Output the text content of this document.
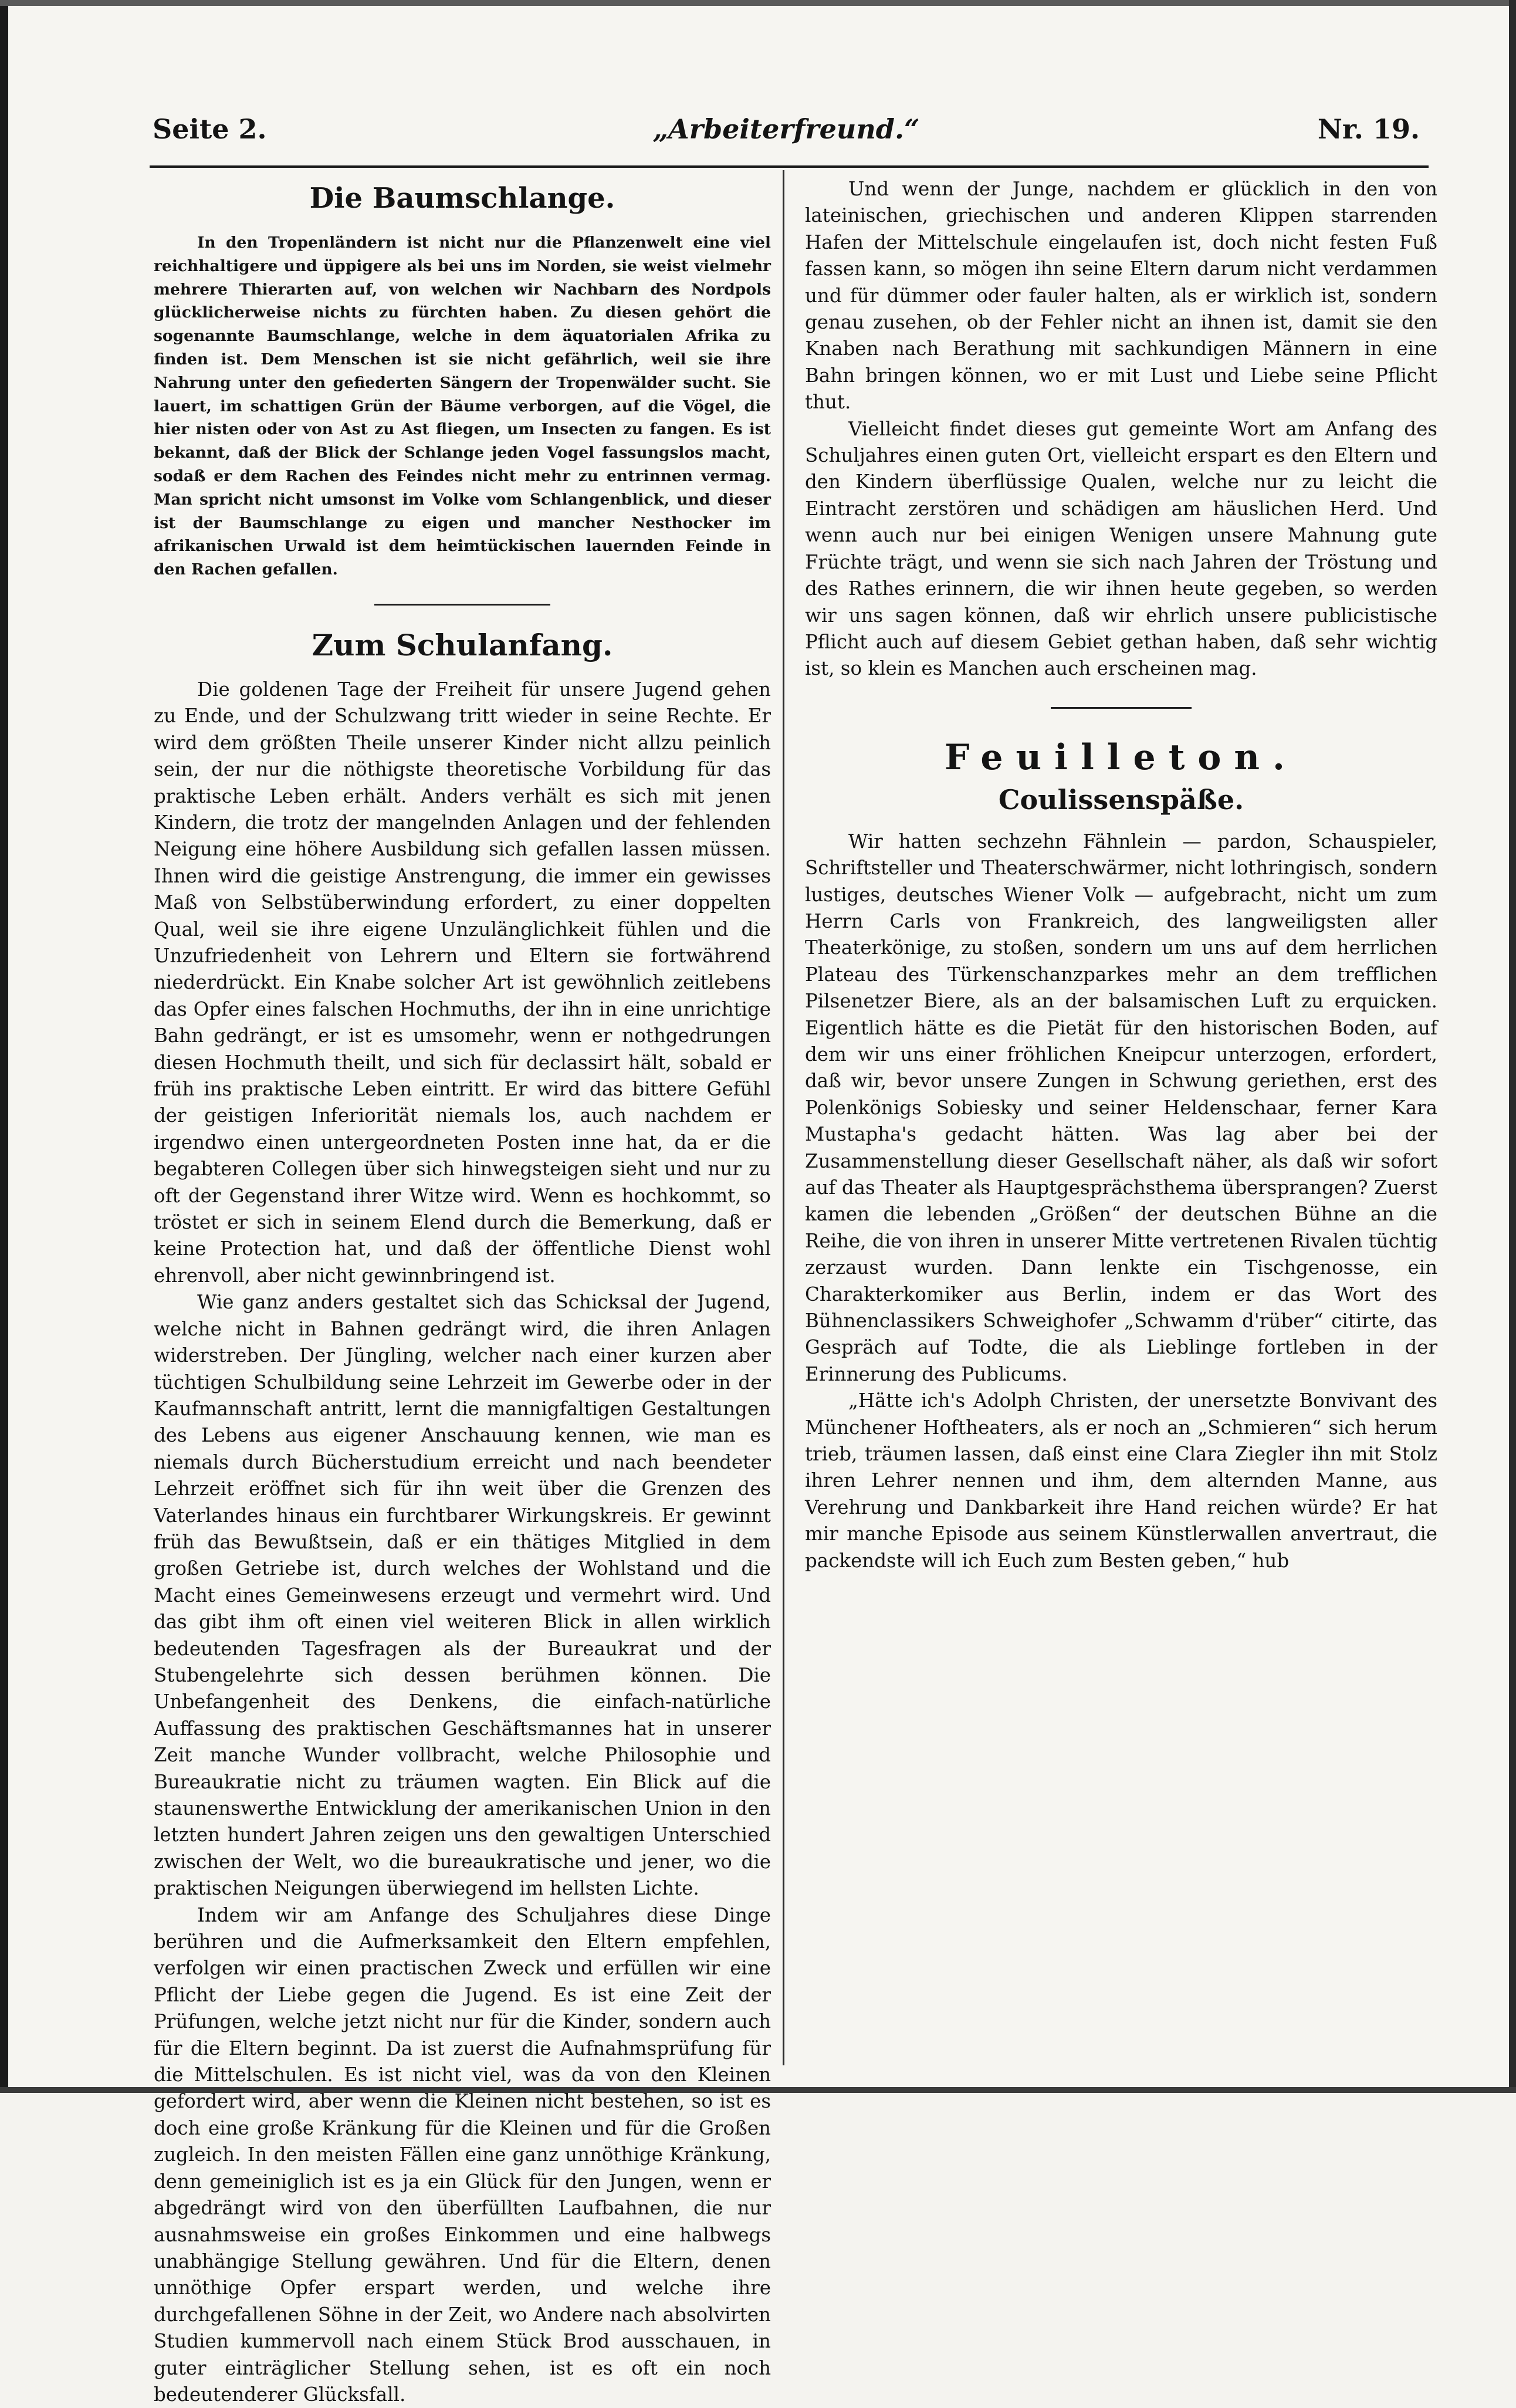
Seite 2.	„Arbeiterfreund.“	Nr. 19.
Die Baumschlange.

In den Tropenländern ist nicht nur die Pflanzenwelt eine viel reichhaltigere und üppigere als bei uns im Norden, sie weist vielmehr mehrere Thierarten auf, von welchen wir Nachbarn des Nordpols glücklicherweise nichts zu fürchten haben. Zu diesen gehört die sogenannte Baumschlange, welche in dem äquatorialen Afrika zu finden ist. Dem Menschen ist sie nicht gefährlich, weil sie ihre Nahrung unter den gefiederten Sängern der Tropenwälder sucht. Sie lauert, im schattigen Grün der Bäume verborgen, auf die Vögel, die hier nisten oder von Ast zu Ast fliegen, um Insecten zu fangen. Es ist bekannt, daß der Blick der Schlange jeden Vogel fassungslos macht, sodaß er dem Rachen des Feindes nicht mehr zu entrinnen vermag. Man spricht nicht umsonst im Volke vom Schlangenblick, und dieser ist der Baumschlange zu eigen und mancher Nesthocker im afrikanischen Urwald ist dem heimtückischen lauernden Feinde in den Rachen gefallen.

Zum Schulanfang.

Die goldenen Tage der Freiheit für unsere Jugend gehen zu Ende, und der Schulzwang tritt wieder in seine Rechte. Er wird dem größten Theile unserer Kinder nicht allzu peinlich sein, der nur die nöthigste theoretische Vorbildung für das praktische Leben erhält. Anders verhält es sich mit jenen Kindern, die trotz der mangelnden Anlagen und der fehlenden Neigung eine höhere Ausbildung sich gefallen lassen müssen. Ihnen wird die geistige Anstrengung, die immer ein gewisses Maß von Selbstüberwindung erfordert, zu einer doppelten Qual, weil sie ihre eigene Unzulänglichkeit fühlen und die Unzufriedenheit von Lehrern und Eltern sie fortwährend niederdrückt. Ein Knabe solcher Art ist gewöhnlich zeitlebens das Opfer eines falschen Hochmuths, der ihn in eine unrichtige Bahn gedrängt, er ist es umsomehr, wenn er nothgedrungen diesen Hochmuth theilt, und sich für declassirt hält, sobald er früh ins praktische Leben eintritt. Er wird das bittere Gefühl der geistigen Inferiorität niemals los, auch nachdem er irgendwo einen untergeordneten Posten inne hat, da er die begabteren Collegen über sich hinwegsteigen sieht und nur zu oft der Gegenstand ihrer Witze wird. Wenn es hochkommt, so tröstet er sich in seinem Elend durch die Bemerkung, daß er keine Protection hat, und daß der öffentliche Dienst wohl ehrenvoll, aber nicht gewinnbringend ist.

Wie ganz anders gestaltet sich das Schicksal der Jugend, welche nicht in Bahnen gedrängt wird, die ihren Anlagen widerstreben. Der Jüngling, welcher nach einer kurzen aber tüchtigen Schulbildung seine Lehrzeit im Gewerbe oder in der Kaufmannschaft antritt, lernt die mannigfaltigen Gestaltungen des Lebens aus eigener Anschauung kennen, wie man es niemals durch Bücherstudium erreicht und nach beendeter Lehrzeit eröffnet sich für ihn weit über die Grenzen des Vaterlandes hinaus ein furchtbarer Wirkungskreis. Er gewinnt früh das Bewußtsein, daß er ein thätiges Mitglied in dem großen Getriebe ist, durch welches der Wohlstand und die Macht eines Gemeinwesens erzeugt und vermehrt wird. Und das gibt ihm oft einen viel weiteren Blick in allen wirklich bedeutenden Tagesfragen als der Bureaukrat und der Stubengelehrte sich dessen berühmen können. Die Unbefangenheit des Denkens, die einfach-natürliche Auffassung des praktischen Geschäftsmannes hat in unserer Zeit manche Wunder vollbracht, welche Philosophie und Bureaukratie nicht zu träumen wagten. Ein Blick auf die staunenswerthe Entwicklung der amerikanischen Union in den letzten hundert Jahren zeigen uns den gewaltigen Unterschied zwischen der Welt, wo die bureaukratische und jener, wo die praktischen Neigungen überwiegend im hellsten Lichte.

Indem wir am Anfange des Schuljahres diese Dinge berühren und die Aufmerksamkeit den Eltern empfehlen, verfolgen wir einen practischen Zweck und erfüllen wir eine Pflicht der Liebe gegen die Jugend. Es ist eine Zeit der Prüfungen, welche jetzt nicht nur für die Kinder, sondern auch für die Eltern beginnt. Da ist zuerst die Aufnahmsprüfung für die Mittelschulen. Es ist nicht viel, was da von den Kleinen gefordert wird, aber wenn die Kleinen nicht bestehen, so ist es doch eine große Kränkung für die Kleinen und für die Großen zugleich. In den meisten Fällen eine ganz unnöthige Kränkung, denn gemeiniglich ist es ja ein Glück für den Jungen, wenn er abgedrängt wird von den überfüllten Laufbahnen, die nur ausnahmsweise ein großes Einkommen und eine halbwegs unabhängige Stellung gewähren. Und für die Eltern, denen unnöthige Opfer erspart werden, und welche ihre durchgefallenen Söhne in der Zeit, wo Andere nach absolvirten Studien kummervoll nach einem Stück Brod ausschauen, in guter einträglicher Stellung sehen, ist es oft ein noch bedeutenderer Glücksfall.

Und wenn der Junge, nachdem er glücklich in den von lateinischen, griechischen und anderen Klippen starrenden Hafen der Mittelschule eingelaufen ist, doch nicht festen Fuß fassen kann, so mögen ihn seine Eltern darum nicht verdammen und für dümmer oder fauler halten, als er wirklich ist, sondern genau zusehen, ob der Fehler nicht an ihnen ist, damit sie den Knaben nach Berathung mit sachkundigen Männern in eine Bahn bringen können, wo er mit Lust und Liebe seine Pflicht thut.

Vielleicht findet dieses gut gemeinte Wort am Anfang des Schuljahres einen guten Ort, vielleicht erspart es den Eltern und den Kindern überflüssige Qualen, welche nur zu leicht die Eintracht zerstören und schädigen am häuslichen Herd. Und wenn auch nur bei einigen Wenigen unsere Mahnung gute Früchte trägt, und wenn sie sich nach Jahren der Tröstung und des Rathes erinnern, die wir ihnen heute gegeben, so werden wir uns sagen können, daß wir ehrlich unsere publicistische Pflicht auch auf diesem Gebiet gethan haben, daß sehr wichtig ist, so klein es Manchen auch erscheinen mag.

Feuilleton.
Coulissenspäße.

Wir hatten sechzehn Fähnlein — pardon, Schauspieler, Schriftsteller und Theaterschwärmer, nicht lothringisch, sondern lustiges, deutsches Wiener Volk — aufgebracht, nicht um zum Herrn Carls von Frankreich, des langweiligsten aller Theaterkönige, zu stoßen, sondern um uns auf dem herrlichen Plateau des Türkenschanzparkes mehr an dem trefflichen Pilsenetzer Biere, als an der balsamischen Luft zu erquicken. Eigentlich hätte es die Pietät für den historischen Boden, auf dem wir uns einer fröhlichen Kneipcur unterzogen, erfordert, daß wir, bevor unsere Zungen in Schwung geriethen, erst des Polenkönigs Sobiesky und seiner Heldenschaar, ferner Kara Mustapha's gedacht hätten. Was lag aber bei der Zusammenstellung dieser Gesellschaft näher, als daß wir sofort auf das Theater als Hauptgesprächsthema übersprangen? Zuerst kamen die lebenden „Größen“ der deutschen Bühne an die Reihe, die von ihren in unserer Mitte vertretenen Rivalen tüchtig zerzaust wurden. Dann lenkte ein Tischgenosse, ein Charakterkomiker aus Berlin, indem er das Wort des Bühnenclassikers Schweighofer „Schwamm d'rüber“ citirte, das Gespräch auf Todte, die als Lieblinge fortleben in der Erinnerung des Publicums.

„Hätte ich's Adolph Christen, der unersetzte Bonvivant des Münchener Hoftheaters, als er noch an „Schmieren“ sich herum trieb, träumen lassen, daß einst eine Clara Ziegler ihn mit Stolz ihren Lehrer nennen und ihm, dem alternden Manne, aus Verehrung und Dankbarkeit ihre Hand reichen würde? Er hat mir manche Episode aus seinem Künstlerwallen anvertraut, die packendste will ich Euch zum Besten geben,“ hub
